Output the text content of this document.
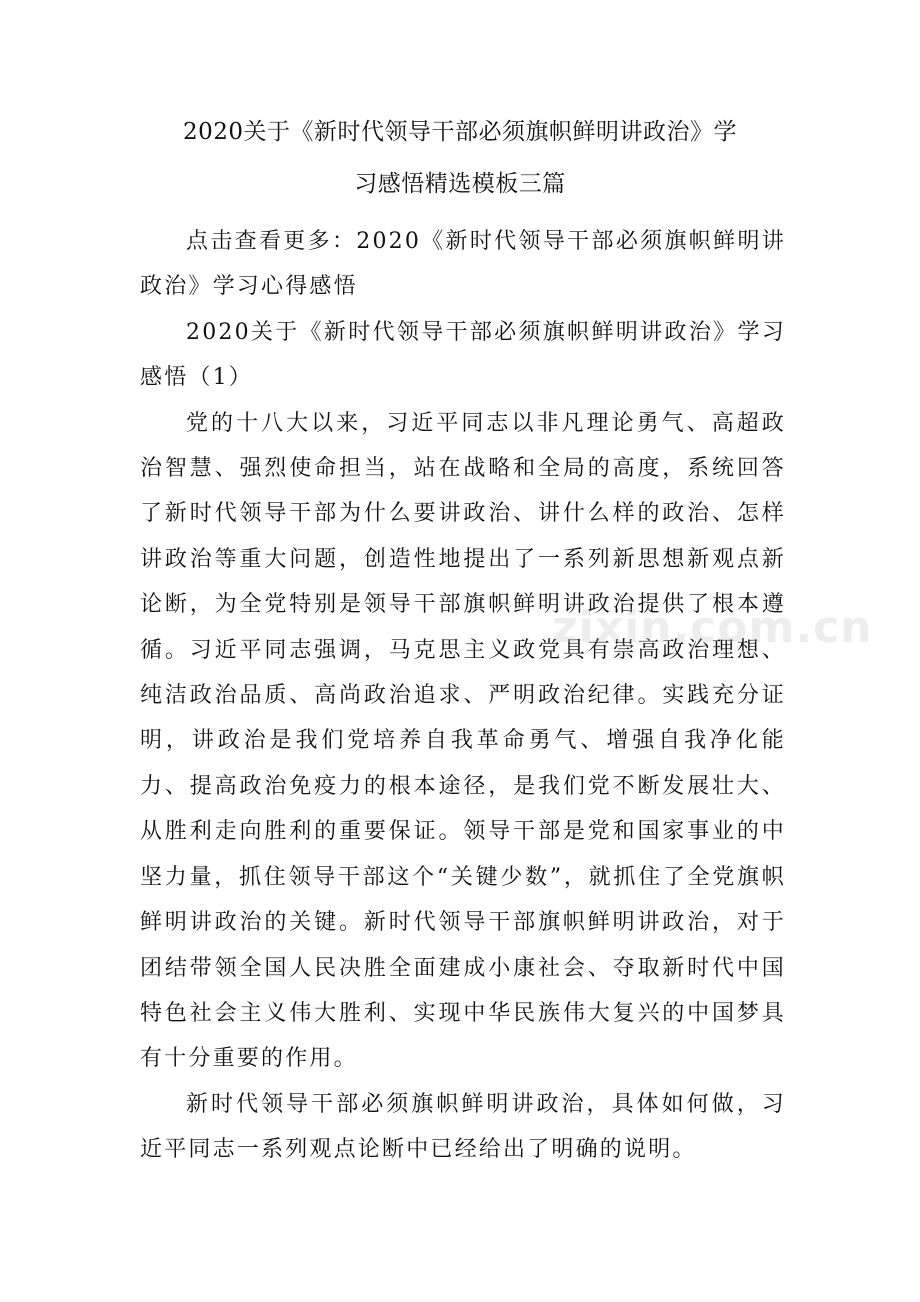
2020关于《新时代领导干部必须旗帜鲜明讲政治》学
习感悟精选模板三篇

点击查看更多：2020《新时代领导干部必须旗帜鲜明讲政治》学习心得感悟

2020关于《新时代领导干部必须旗帜鲜明讲政治》学习感悟（1）

党的十八大以来，习近平同志以非凡理论勇气、高超政治智慧、强烈使命担当，站在战略和全局的高度，系统回答了新时代领导干部为什么要讲政治、讲什么样的政治、怎样讲政治等重大问题，创造性地提出了一系列新思想新观点新论断，为全党特别是领导干部旗帜鲜明讲政治提供了根本遵循。习近平同志强调，马克思主义政党具有崇高政治理想、纯洁政治品质、高尚政治追求、严明政治纪律。实践充分证明，讲政治是我们党培养自我革命勇气、增强自我净化能力、提高政治免疫力的根本途径，是我们党不断发展壮大、从胜利走向胜利的重要保证。领导干部是党和国家事业的中坚力量，抓住领导干部这个“关键少数”，就抓住了全党旗帜鲜明讲政治的关键。新时代领导干部旗帜鲜明讲政治，对于团结带领全国人民决胜全面建成小康社会、夺取新时代中国特色社会主义伟大胜利、实现中华民族伟大复兴的中国梦具有十分重要的作用。

新时代领导干部必须旗帜鲜明讲政治，具体如何做，习近平同志一系列观点论断中已经给出了明确的说明。

zixin.com.cn
